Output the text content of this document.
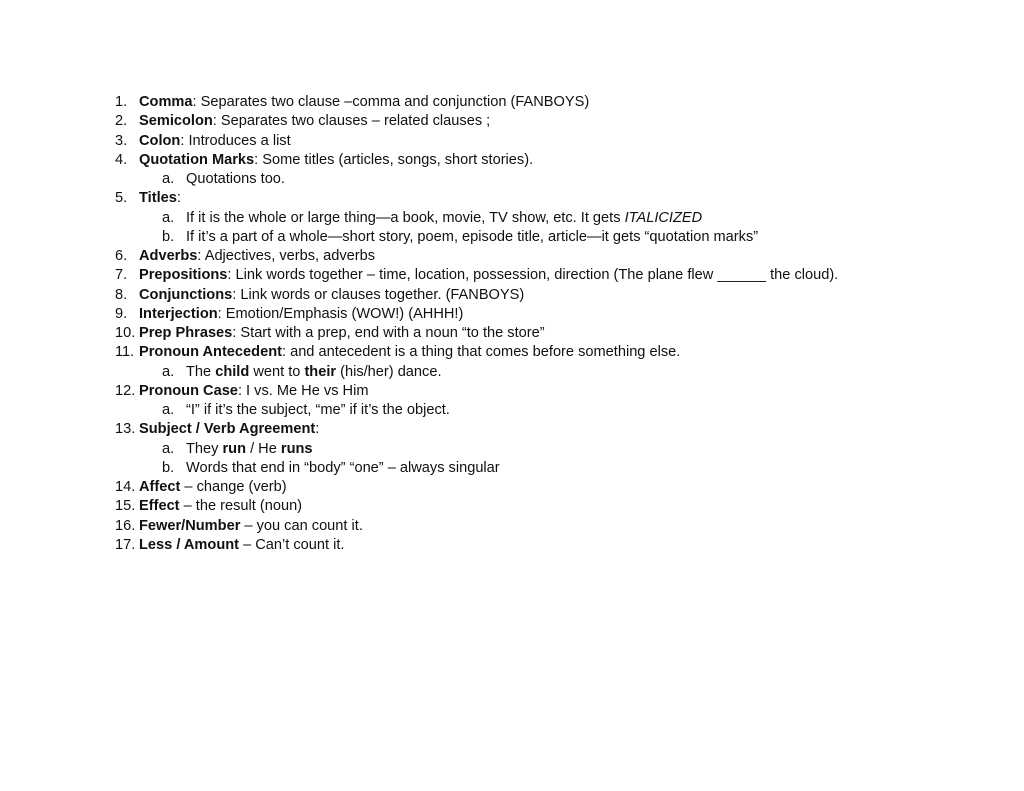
1. Comma: Separates two clause –comma and conjunction (FANBOYS)
2. Semicolon: Separates two clauses – related clauses ;
3. Colon: Introduces a list
4. Quotation Marks: Some titles (articles, songs, short stories).
a. Quotations too.
5. Titles:
a. If it is the whole or large thing—a book, movie, TV show, etc. It gets ITALICIZED
b. If it’s a part of a whole—short story, poem, episode title, article—it gets “quotation marks”
6. Adverbs: Adjectives, verbs, adverbs
7. Prepositions: Link words together – time, location, possession, direction (The plane flew ______ the cloud).
8. Conjunctions: Link words or clauses together. (FANBOYS)
9. Interjection: Emotion/Emphasis (WOW!) (AHHH!)
10. Prep Phrases: Start with a prep, end with a noun “to the store”
11. Pronoun Antecedent: and antecedent is a thing that comes before something else.
a. The child went to their (his/her) dance.
12. Pronoun Case: I vs. Me He vs Him
a. “I” if it’s the subject, “me” if it’s the object.
13. Subject / Verb Agreement:
a. They run / He runs
b. Words that end in “body” “one” – always singular
14. Affect – change (verb)
15. Effect – the result (noun)
16. Fewer/Number – you can count it.
17. Less / Amount – Can’t count it.
